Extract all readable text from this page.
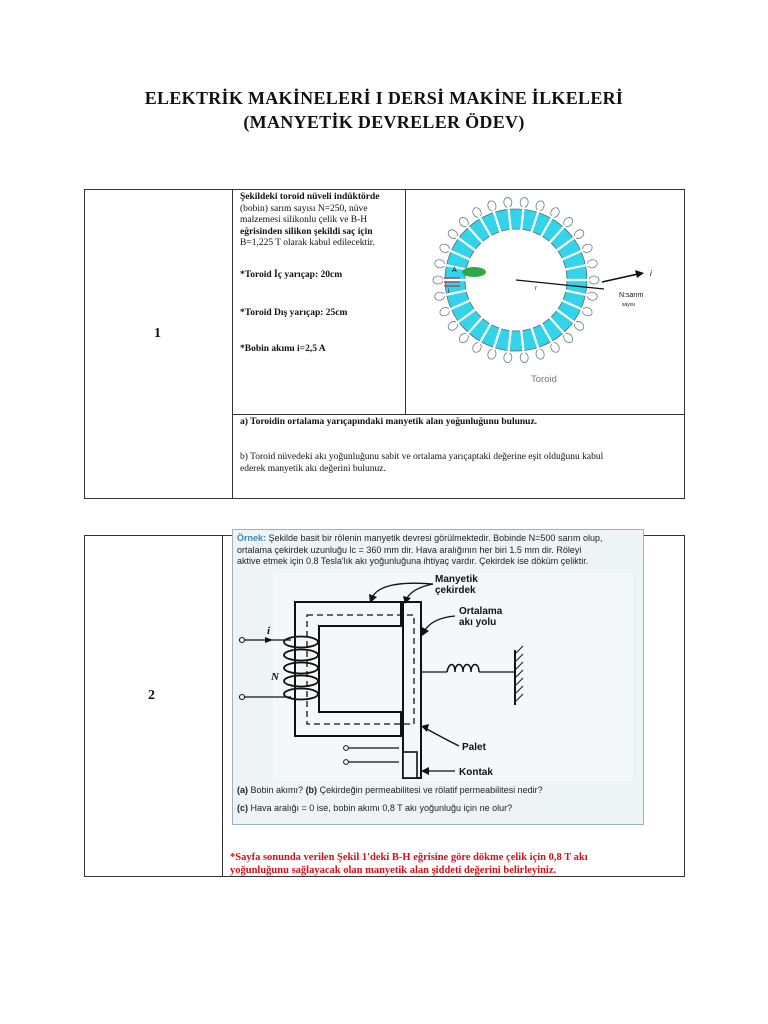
ELEKTRİK MAKİNELERİ I DERSİ MAKİNE İLKELERİ
(MANYETİK DEVRELER ÖDEV)
1
Şekildeki toroid nüveli indüktörde
(bobin) sarım sayısı N=250, nüve
malzemesi silikonlu çelik ve B-H
eğrisinden silikon şekildi saç için
B=1,225 T olarak kabul edilecektir.
*Toroid İç yarıçap: 20cm
*Toroid Dış yarıçap: 25cm
*Bobin akımı i=2,5 A
A
i	r
i
N:sarım
sayısı
Toroid
a) Toroidin ortalama yarıçapındaki manyetik alan yoğunluğunu bulunuz.
b) Toroid nüvedeki akı yoğunluğunu sabit ve ortalama yarıçaptaki değerine eşit olduğunu kabul
ederek manyetik akı değerini bulunuz.
2
Örnek: Şekilde basit bir rölenin manyetik devresi görülmektedir. Bobinde N=500 sarım olup,
ortalama çekirdek uzunluğu lc = 360 mm dir. Hava aralığının her biri 1.5 mm dir. Röleyi
aktive etmek için 0.8 Tesla'lık akı yoğunluğuna ihtiyaç vardır. Çekirdek ise döküm çeliktir.
i
N
Manyetik
çekirdek
Ortalama
akı yolu
Palet
Kontak
(a) Bobin akımı? (b) Çekirdeğin permeabilitesi ve rölatif permeabilitesi nedir?
(c) Hava aralığı = 0 ise, bobin akımı 0,8 T akı yoğunluğu için ne olur?
*Sayfa sonunda verilen Şekil 1'deki B-H eğrisine göre dökme çelik için 0,8 T akı
yoğunluğunu sağlayacak olan manyetik alan şiddeti değerini belirleyiniz.
